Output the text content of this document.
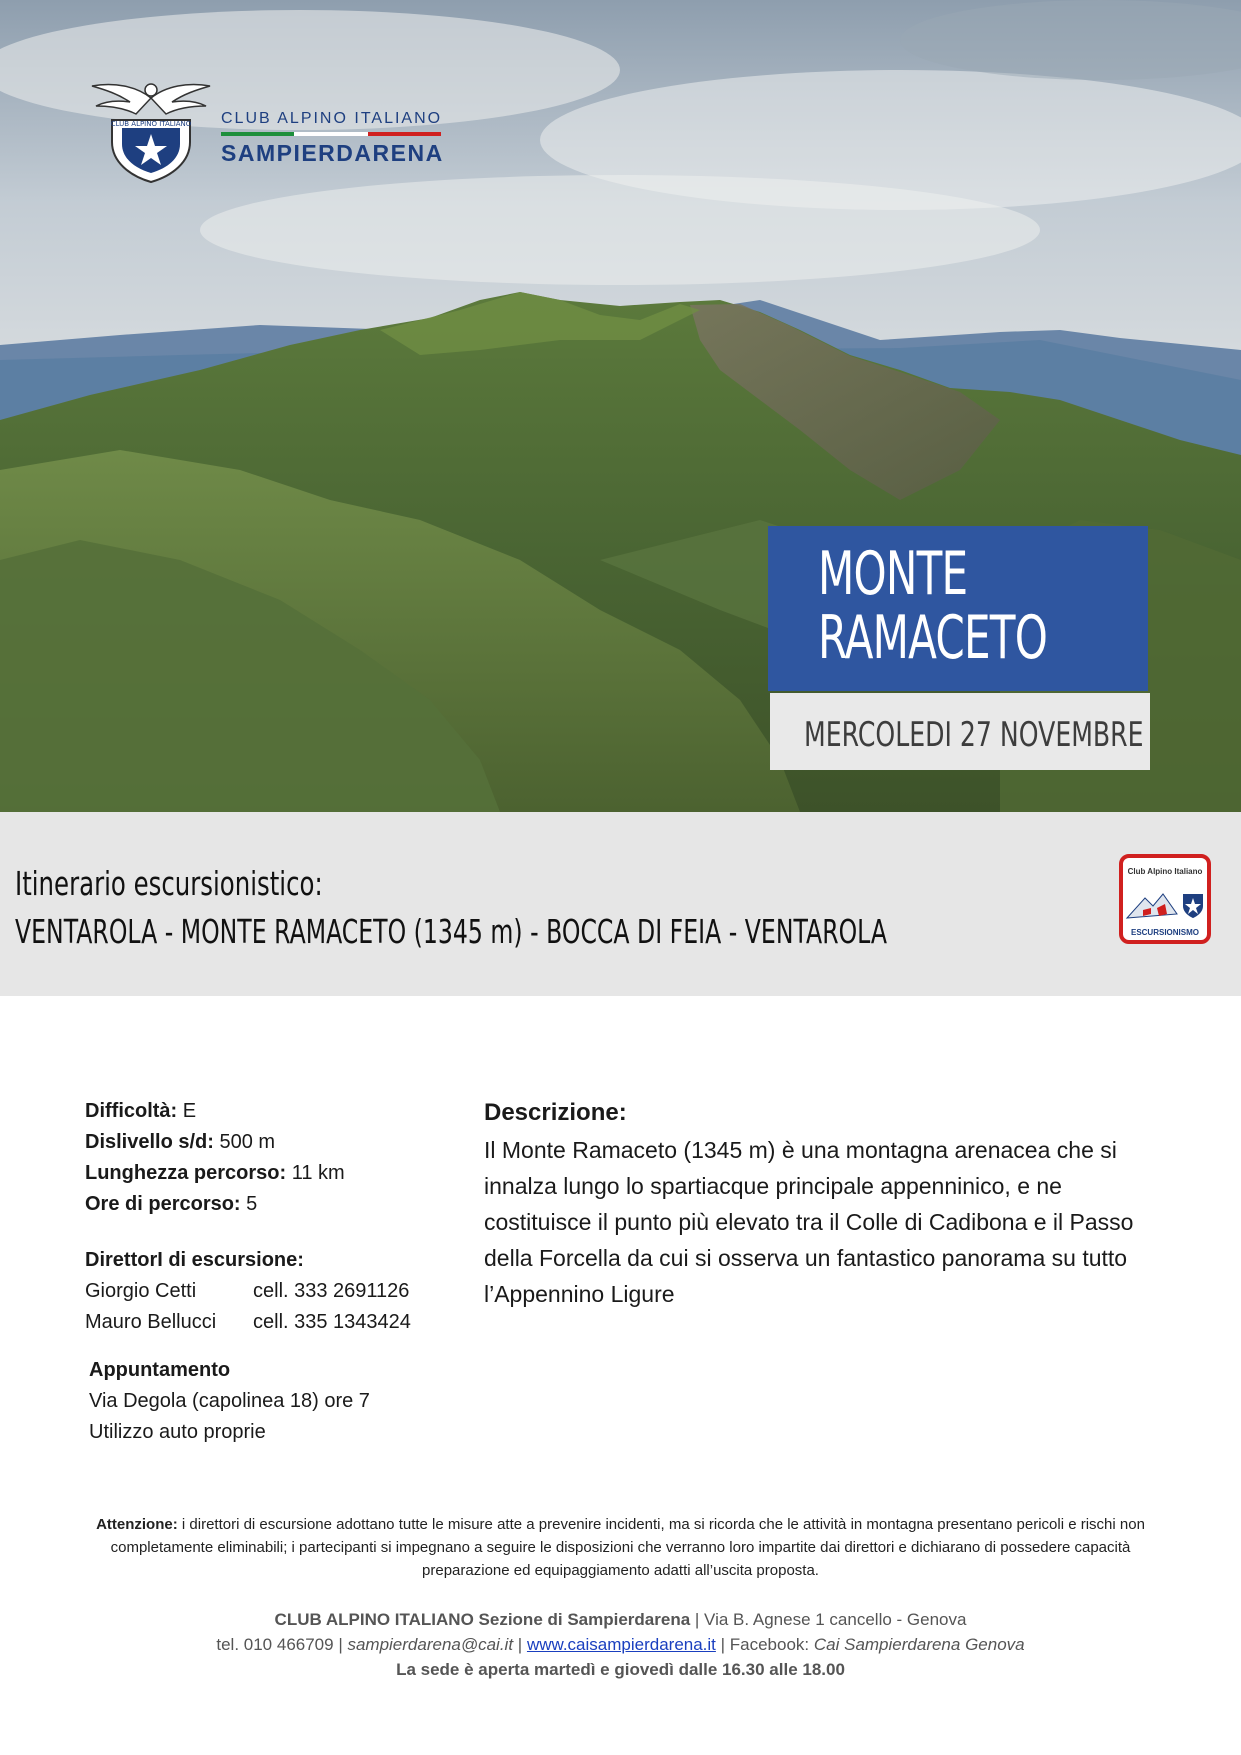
CLUB ALPINO ITALIANO CLUB ALPINO ITALIANO
SAMPIERDARENA
MONTE
RAMACETO
MERCOLEDI 27 NOVEMBRE
Itinerario escursionistico:
VENTAROLA - MONTE RAMACETO (1345 m) - BOCCA DI FEIA - VENTAROLA
Club Alpino Italiano
ESCURSIONISMO
Difficoltà: E
Dislivello s/d: 500 m
Lunghezza percorso: 11 km
Ore di percorso: 5
DirettorI di escursione:
Giorgio Cetti	cell. 333 2691126
Mauro Bellucci cell. 335 1343424
Appuntamento
Via Degola (capolinea 18) ore 7
Utilizzo auto proprie
Descrizione:

Il Monte Ramaceto (1345 m) è una montagna arenacea che si innalza lungo lo spartiacque principale appenninico, e ne costituisce il punto più elevato tra il Colle di Cadibona e il Passo della Forcella da cui si osserva un fantastico panorama su tutto l’Appennino Ligure

Attenzione: i direttori di escursione adottano tutte le misure atte a prevenire incidenti, ma si ricorda che le attività in montagna presentano pericoli e rischi non completamente eliminabili; i partecipanti si impegnano a seguire le disposizioni che verranno loro impartite dai direttori e dichiarano di possedere capacità preparazione ed equipaggiamento adatti all’uscita proposta.
CLUB ALPINO ITALIANO Sezione di Sampierdarena | Via B. Agnese 1 cancello - Genova
tel. 010 466709 | sampierdarena@cai.it | www.caisampierdarena.it | Facebook: Cai Sampierdarena Genova
La sede è aperta martedì e giovedì dalle 16.30 alle 18.00
